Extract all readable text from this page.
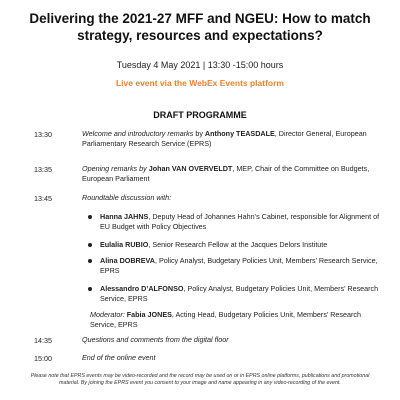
Delivering the 2021-27 MFF and NGEU: How to match strategy, resources and expectations?
Tuesday 4 May 2021 | 13:30 -15:00 hours
Live event via the WebEx Events platform
DRAFT PROGRAMME
13:30	Welcome and introductory remarks by Anthony TEASDALE, Director General, European Parliamentary Research Service (EPRS)
13:35	Opening remarks by Johan VAN OVERVELDT, MEP, Chair of the Committee on Budgets, European Parliament
13:45	Roundtable discussion with:
Hanna JAHNS, Deputy Head of Johannes Hahn’s Cabinet, responsible for Alignment of EU Budget with Policy Objectives
Eulalia RUBIO, Senior Research Fellow at the Jacques Delors Institute
Alina DOBREVA, Policy Analyst, Budgetary Policies Unit, Members’ Research Service, EPRS
Alessandro D’ALFONSO, Policy Analyst, Budgetary Policies Unit, Members’ Research Service, EPRS
Moderator: Fabia JONES, Acting Head, Budgetary Policies Unit, Members’ Research Service, EPRS
14:35	Questions and comments from the digital floor
15:00	End of the online event
Please note that EPRS events may be video-recorded and the record may be used on or in EPRS online platforms, publications and promotional material. By joining the EPRS event you consent to your image and name appearing in any video-recording of the event.
